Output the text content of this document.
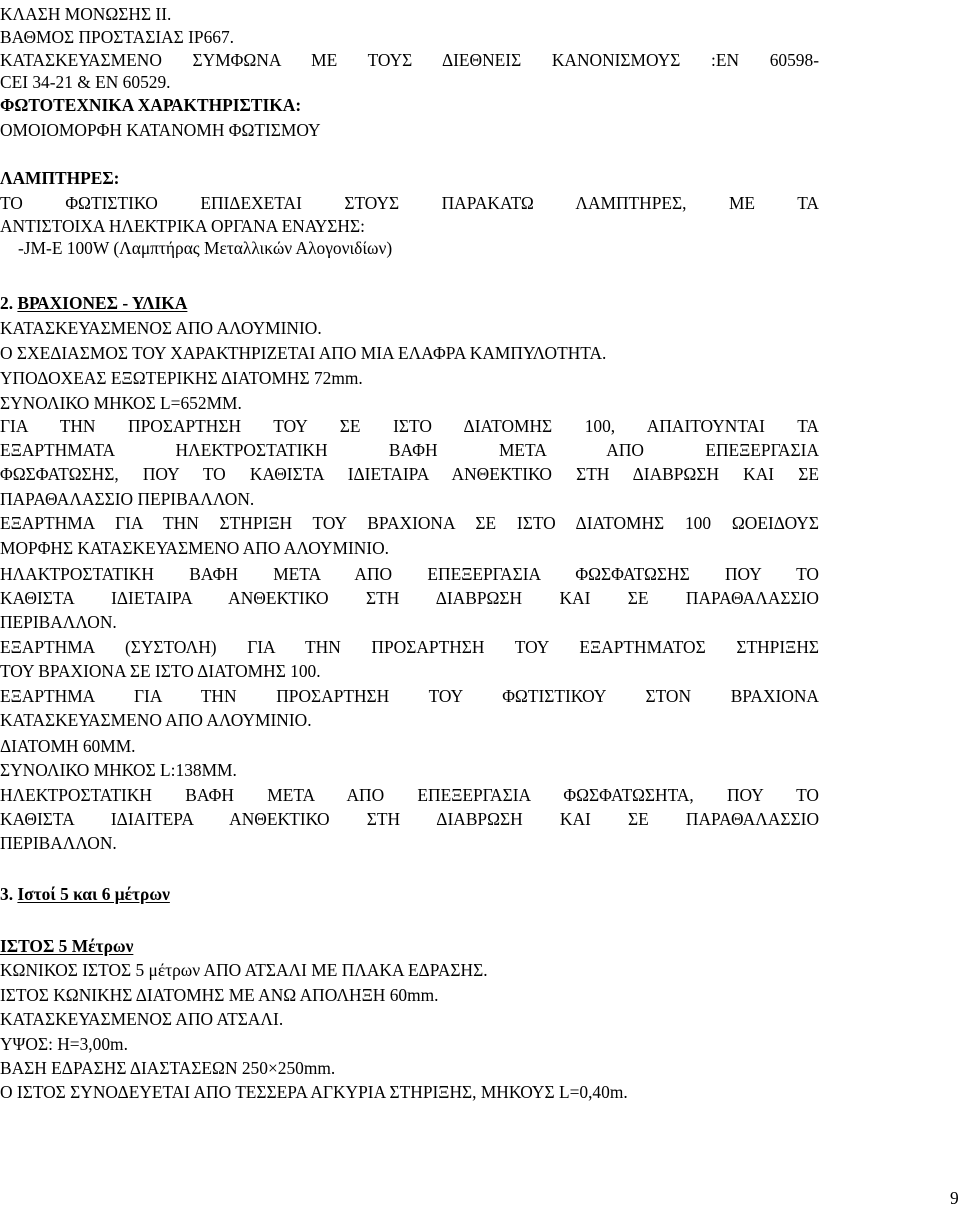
ΚΛΑΣΗ ΜΟΝΩΣΗΣ ΙΙ.
ΒΑΘΜΟΣ ΠΡΟΣΤΑΣΙΑΣ IP667.
ΚΑΤΑΣΚΕΥΑΣΜΕΝΟ ΣΥΜΦΩΝΑ ΜΕ ΤΟΥΣ ΔΙΕΘΝΕΙΣ ΚΑΝΟΝΙΣΜΟΥΣ :ΕΝ 60598-
CEI 34-21 & ΕΝ 60529.
ΦΩΤΟΤΕΧΝΙΚΑ ΧΑΡΑΚΤΗΡΙΣΤΙΚΑ:
ΟΜΟΙΟΜΟΡΦΗ ΚΑΤΑΝΟΜΗ ΦΩΤΙΣΜΟΥ
ΛΑΜΠΤΗΡΕΣ:
ΤΟ ΦΩΤΙΣΤΙΚΟ ΕΠΙΔΕΧΕΤΑΙ ΣΤΟΥΣ ΠΑΡΑΚΑΤΩ ΛΑΜΠΤΗΡΕΣ, ΜΕ ΤΑ
ΑΝΤΙΣΤΟΙΧΑ ΗΛΕΚΤΡΙΚΑ ΟΡΓΑΝΑ ΕΝΑΥΣΗΣ:
-JM-E 100W (Λαμπτήρας Μεταλλικών Αλογονιδίων)
2. ΒΡΑΧΙΟΝΕΣ - ΥΛΙΚΑ
ΚΑΤΑΣΚΕΥΑΣΜΕΝΟΣ ΑΠΟ ΑΛΟΥΜΙΝΙΟ.
Ο ΣΧΕΔΙΑΣΜΟΣ ΤΟΥ ΧΑΡΑΚΤΗΡΙΖΕΤΑΙ ΑΠΟ ΜΙΑ ΕΛΑΦΡΑ ΚΑΜΠΥΛΟΤΗΤΑ.
ΥΠΟΔΟΧΕΑΣ ΕΞΩΤΕΡΙΚΗΣ ΔΙΑΤΟΜΗΣ 72mm.
ΣΥΝΟΛΙΚΟ ΜΗΚΟΣ L=652ΜΜ.
ΓΙΑ ΤΗΝ ΠΡΟΣΑΡΤΗΣΗ ΤΟΥ ΣΕ ΙΣΤΟ ΔΙΑΤΟΜΗΣ 100, ΑΠΑΙΤΟΥΝΤΑΙ ΤΑ
ΕΞΑΡΤΗΜΑΤΑ ΗΛΕΚΤΡΟΣΤΑΤΙΚΗ ΒΑΦΗ ΜΕΤΑ ΑΠΟ ΕΠΕΞΕΡΓΑΣΙΑ
ΦΩΣΦΑΤΩΣΗΣ, ΠΟΥ ΤΟ ΚΑΘΙΣΤΑ ΙΔΙΕΤΑΙΡΑ ΑΝΘΕΚΤΙΚΟ ΣΤΗ ΔΙΑΒΡΩΣΗ ΚΑΙ ΣΕ
ΠΑΡΑΘΑΛΑΣΣΙΟ ΠΕΡΙΒΑΛΛΟΝ.
ΕΞΑΡΤΗΜΑ ΓΙΑ ΤΗΝ ΣΤΗΡΙΞΗ ΤΟΥ ΒΡΑΧΙΟΝΑ ΣΕ ΙΣΤΟ ΔΙΑΤΟΜΗΣ 100 ΩΟΕΙΔΟΥΣ
ΜΟΡΦΗΣ ΚΑΤΑΣΚΕΥΑΣΜΕΝΟ ΑΠΟ ΑΛΟΥΜΙΝΙΟ.
ΗΛΑΚΤΡΟΣΤΑΤΙΚΗ ΒΑΦΗ ΜΕΤΑ ΑΠΟ ΕΠΕΞΕΡΓΑΣΙΑ ΦΩΣΦΑΤΩΣΗΣ ΠΟΥ ΤΟ
ΚΑΘΙΣΤΑ ΙΔΙΕΤΑΙΡΑ ΑΝΘΕΚΤΙΚΟ ΣΤΗ ΔΙΑΒΡΩΣΗ ΚΑΙ ΣΕ ΠΑΡΑΘΑΛΑΣΣΙΟ
ΠΕΡΙΒΑΛΛΟΝ.
ΕΞΑΡΤΗΜΑ (ΣΥΣΤΟΛΗ) ΓΙΑ ΤΗΝ ΠΡΟΣΑΡΤΗΣΗ ΤΟΥ ΕΞΑΡΤΗΜΑΤΟΣ ΣΤΗΡΙΞΗΣ
ΤΟΥ ΒΡΑΧΙΟΝΑ ΣΕ ΙΣΤΟ ΔΙΑΤΟΜΗΣ 100.
ΕΞΑΡΤΗΜΑ ΓΙΑ ΤΗΝ ΠΡΟΣΑΡΤΗΣΗ ΤΟΥ ΦΩΤΙΣΤΙΚΟΥ ΣΤΟΝ ΒΡΑΧΙΟΝΑ
ΚΑΤΑΣΚΕΥΑΣΜΕΝΟ ΑΠΟ ΑΛΟΥΜΙΝΙΟ.
ΔΙΑΤΟΜΗ 60ΜΜ.
ΣΥΝΟΛΙΚΟ ΜΗΚΟΣ L:138ΜΜ.
ΗΛΕΚΤΡΟΣΤΑΤΙΚΗ ΒΑΦΗ ΜΕΤΑ ΑΠΟ ΕΠΕΞΕΡΓΑΣΙΑ ΦΩΣΦΑΤΩΣΗΤΑ, ΠΟΥ ΤΟ
ΚΑΘΙΣΤΑ ΙΔΙΑΙΤΕΡΑ ΑΝΘΕΚΤΙΚΟ ΣΤΗ ΔΙΑΒΡΩΣΗ ΚΑΙ ΣΕ ΠΑΡΑΘΑΛΑΣΣΙΟ
ΠΕΡΙΒΑΛΛΟΝ.
3. Ιστοί 5 και 6 μέτρων
ΙΣΤΟΣ 5 Μέτρων
ΚΩΝΙΚΟΣ ΙΣΤΟΣ 5 μέτρων ΑΠΟ ΑΤΣΑΛΙ ΜΕ ΠΛΑΚΑ ΕΔΡΑΣΗΣ.
ΙΣΤΟΣ ΚΩΝΙΚΗΣ ΔΙΑΤΟΜΗΣ ΜΕ ΑΝΩ ΑΠΟΛΗΞΗ 60mm.
ΚΑΤΑΣΚΕΥΑΣΜΕΝΟΣ ΑΠΟ ΑΤΣΑΛΙ.
ΥΨΟΣ: Η=3,00m.
ΒΑΣΗ ΕΔΡΑΣΗΣ ΔΙΑΣΤΑΣΕΩΝ 250×250mm.
Ο ΙΣΤΟΣ ΣΥΝΟΔΕΥΕΤΑΙ ΑΠΟ ΤΕΣΣΕΡΑ ΑΓΚΥΡΙΑ ΣΤΗΡΙΞΗΣ, ΜΗΚΟΥΣ L=0,40m.
9
